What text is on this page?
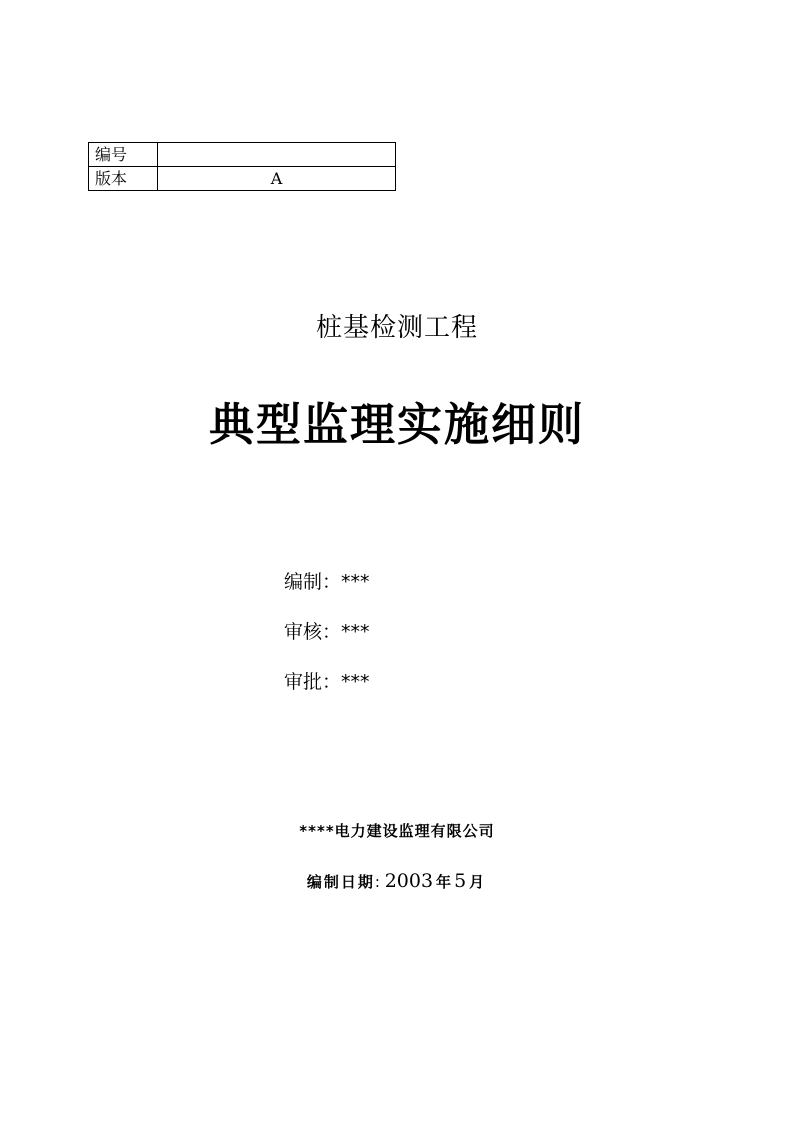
编号	
版本	A
桩基检测工程
典型监理实施细则
编制：***
审核：***
审批：***
****电力建设监理有限公司
编制日期: 2003 年 5 月
